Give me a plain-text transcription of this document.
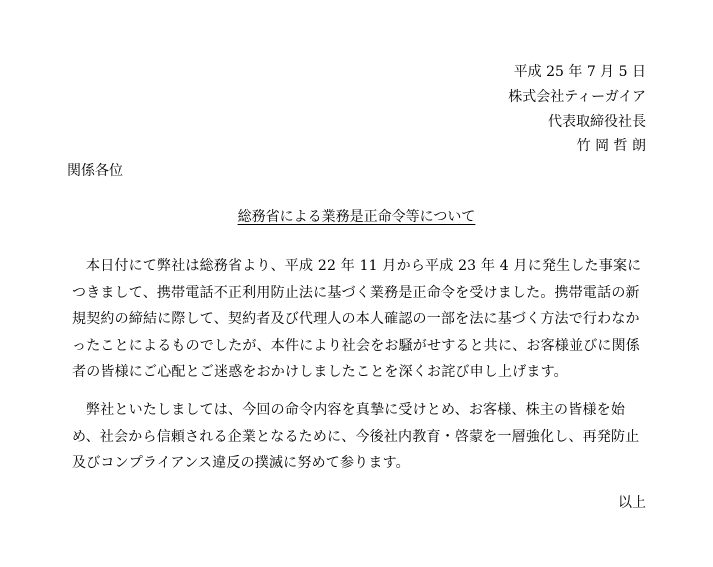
平成 25 年 7 月 5 日
株式会社ティーガイア
代表取締役社長
竹 岡 哲 朗
関係各位
総務省による業務是正命令等について
本日付にて弊社は総務省より、平成 22 年 11 月から平成 23 年 4 月に発生した事案につきまして、携帯電話不正利用防止法に基づく業務是正命令を受けました。携帯電話の新規契約の締結に際して、契約者及び代理人の本人確認の一部を法に基づく方法で行わなかったことによるものでしたが、本件により社会をお騒がせすると共に、お客様並びに関係者の皆様にご心配とご迷惑をおかけしましたことを深くお詫び申し上げます。
弊社といたしましては、今回の命令内容を真摯に受けとめ、お客様、株主の皆様を始め、社会から信頼される企業となるために、今後社内教育・啓蒙を一層強化し、再発防止及びコンプライアンス違反の撲滅に努めて参ります。
以上
